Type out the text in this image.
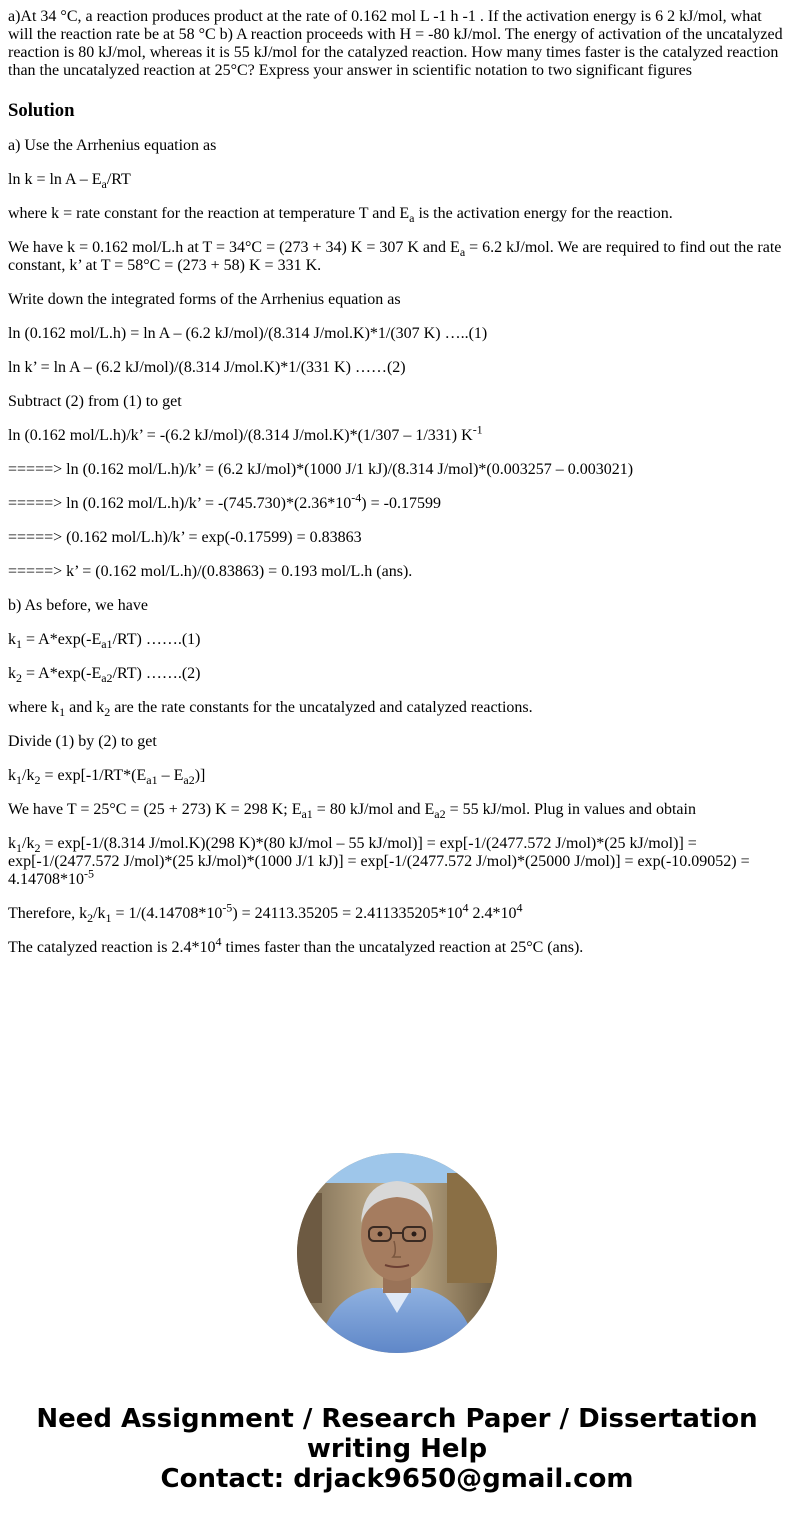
a)At 34 °C, a reaction produces product at the rate of 0.162 mol L -1 h -1 . If the activation energy is 6 2 kJ/mol, what will the reaction rate be at 58 °C b) A reaction proceeds with H = -80 kJ/mol. The energy of activation of the uncatalyzed reaction is 80 kJ/mol, whereas it is 55 kJ/mol for the catalyzed reaction. How many times faster is the catalyzed reaction than the uncatalyzed reaction at 25°C? Express your answer in scientific notation to two significant figures

Solution

a) Use the Arrhenius equation as

$\ln k = \ln A - E_a/RT$

where k = rate constant for the reaction at temperature T and $E_a$ is the activation energy for the reaction.

We have k = 0.162 mol/L.h at T = 34°C = (273 + 34) K = 307 K and $E_a = 6.2$ kJ/mol. We are required to find out the rate constant, k’ at T = 58°C = (273 + 58) K = 331 K.

Write down the integrated forms of the Arrhenius equation as

ln (0.162 mol/L.h) = ln A – (6.2 kJ/mol)/(8.314 J/mol.K)*1/(307 K) …..(1)

ln k’ = ln A – (6.2 kJ/mol)/(8.314 J/mol.K)*1/(331 K) ……(2)

Subtract (2) from (1) to get

ln (0.162 mol/L.h)/k’ = -(6.2 kJ/mol)/(8.314 J/mol.K)*(1/307 – 1/331) $K^{-1}$

=====> ln (0.162 mol/L.h)/k’ = (6.2 kJ/mol)*(1000 J/1 kJ)/(8.314 J/mol)*(0.003257 – 0.003021)

=====> ln (0.162 mol/L.h)/k’ = $-(745.730)*(2.36*10^{-4}) = -0.17599$

=====> (0.162 mol/L.h)/k’ = exp(-0.17599) = 0.83863

=====> k’ = (0.162 mol/L.h)/(0.83863) = 0.193 mol/L.h (ans).

b) As before, we have

$k_1 = A*\exp(-E_{a1}/RT)$ …….(1)

$k_2 = A*\exp(-E_{a2}/RT)$ …….(2)

where $k_1$ and $k_2$ are the rate constants for the uncatalyzed and catalyzed reactions.

Divide (1) by (2) to get

$k_1/k_2 = \exp[-1/RT*(E_{a1} - E_{a2})]$

We have T = 25°C = (25 + 273) K = 298 K; $E_{a1} = 80$ kJ/mol and $E_{a2} = 55$ kJ/mol. Plug in values and obtain

$k_1/k_2 = \exp[-1/(8.314$ J/mol.K)(298 K)*(80 kJ/mol – 55 kJ/mol)] = exp[-1/(2477.572 J/mol)*(25 kJ/mol)] = exp[-1/(2477.572 J/mol)*(25 kJ/mol)*(1000 J/1 kJ)] = exp[-1/(2477.572 J/mol)*(25000 $J/mol)] = \exp(-10.09052) = 4.14708*10^{-5}$

Therefore, $k_2/k_1 = 1/(4.14708*10^{-5}) = 24113.35205 = 2.411335205*10^4$ $2.4*10^4$

The catalyzed reaction is $2.4*10^4$ times faster than the uncatalyzed reaction at 25°C (ans).

Need Assignment / Research Paper / Dissertation
writing Help
Contact: drjack9650@gmail.com
